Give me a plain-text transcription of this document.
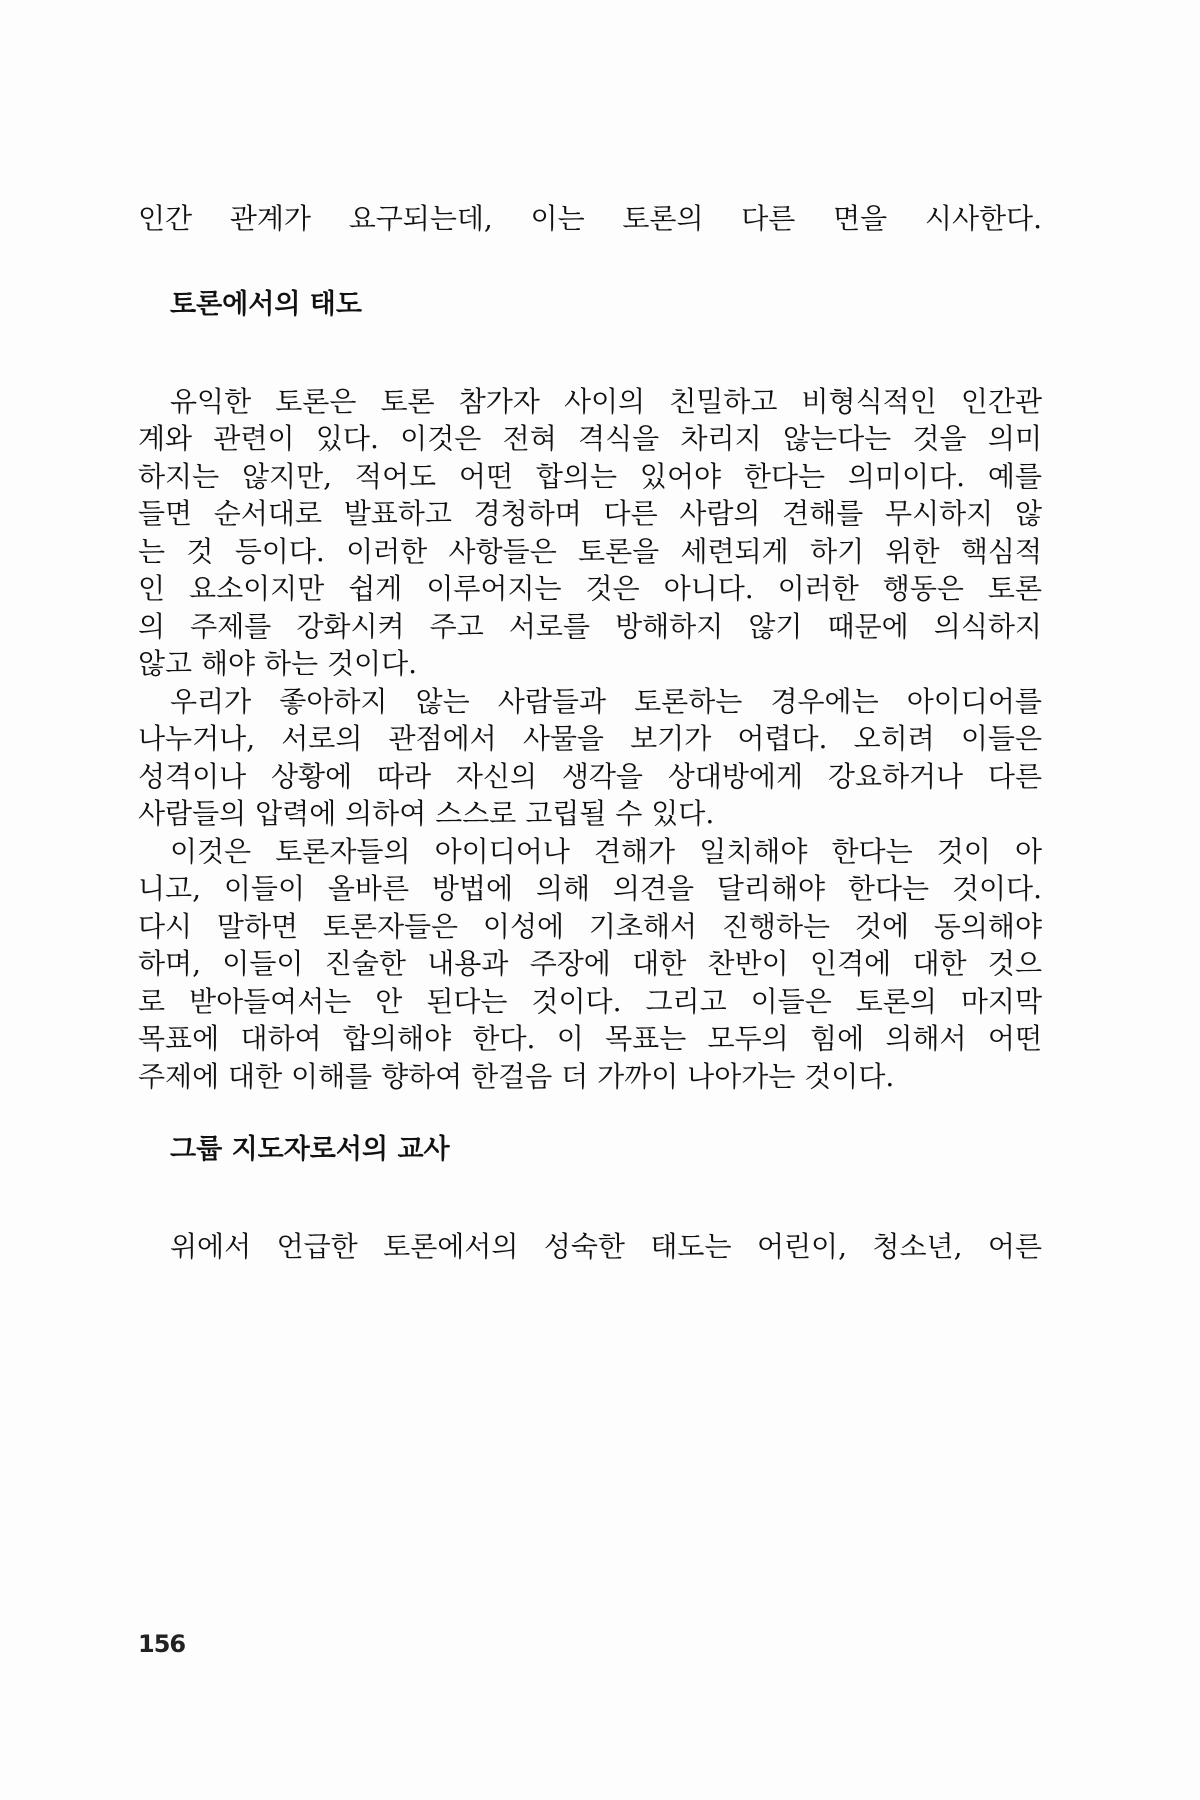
인간 관계가 요구되는데, 이는 토론의 다른 면을 시사한다.
토론에서의 태도
유익한 토론은 토론 참가자 사이의 친밀하고 비형식적인 인간관
계와 관련이 있다. 이것은 전혀 격식을 차리지 않는다는 것을 의미
하지는 않지만, 적어도 어떤 합의는 있어야 한다는 의미이다. 예를
들면 순서대로 발표하고 경청하며 다른 사람의 견해를 무시하지 않
는 것 등이다. 이러한 사항들은 토론을 세련되게 하기 위한 핵심적
인 요소이지만 쉽게 이루어지는 것은 아니다. 이러한 행동은 토론
의 주제를 강화시켜 주고 서로를 방해하지 않기 때문에 의식하지
않고 해야 하는 것이다.
우리가 좋아하지 않는 사람들과 토론하는 경우에는 아이디어를
나누거나, 서로의 관점에서 사물을 보기가 어렵다. 오히려 이들은
성격이나 상황에 따라 자신의 생각을 상대방에게 강요하거나 다른
사람들의 압력에 의하여 스스로 고립될 수 있다.
이것은 토론자들의 아이디어나 견해가 일치해야 한다는 것이 아
니고, 이들이 올바른 방법에 의해 의견을 달리해야 한다는 것이다.
다시 말하면 토론자들은 이성에 기초해서 진행하는 것에 동의해야
하며, 이들이 진술한 내용과 주장에 대한 찬반이 인격에 대한 것으
로 받아들여서는 안 된다는 것이다. 그리고 이들은 토론의 마지막
목표에 대하여 합의해야 한다. 이 목표는 모두의 힘에 의해서 어떤
주제에 대한 이해를 향하여 한걸음 더 가까이 나아가는 것이다.
그룹 지도자로서의 교사
위에서 언급한 토론에서의 성숙한 태도는 어린이, 청소년, 어른
156
